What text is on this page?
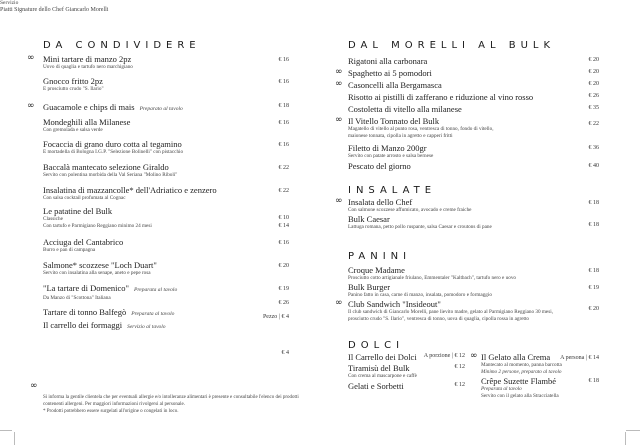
DA CONDIVIDERE
∞ Mini tartare di manzo 2pz
Uovo di quaglia e tartufo nero marchigiano
€ 16
Gnocco fritto 2pz
E prosciutto crudo "S. Ilario"
€ 16
∞ Guacamole e chips di mais Preparato al tavolo	€ 18
Mondeghili alla Milanese
Con gremolada e salsa verde
€ 16
Focaccia di grano duro cotta al tegamino
E mortadella di Bologna I.G.P. "Selezione Bolinelli" con pistacchio
€ 16
Baccalà mantecato selezione Giraldo
Servito con polentina morbida della Val Seriana "Molino Riboli"
€ 22
Insalatina di mazzancolle* dell'Adriatico e zenzero
Con salsa cocktail profumata al Cognac
€ 22
Le patatine del Bulk
Classiche
Con tartufo e Parmigiano Reggiano minimo 24 mesi
€ 10
€ 14
Acciuga del Cantabrico
Burro e pan di campagna
€ 16
Salmone* scozzese "Loch Duart"
Servito con insalatina alla senape, aneto e pepe rosa
€ 20
"La tartare di Domenico" Preparata al tavolo
Da Manzo di "Scottona" Italiana
€ 19
Tartare di tonno Balfegò Preparata al tavolo
€ 26
Il carrello dei formaggi Servizio al tavolo
Pezzo | € 4
€ 4
Servizio
∞
Piatti Signature dello Chef Giancarlo Morelli
Si informa la gentile clientela che per eventuali allergie e/o intolleranze alimentari è presente e consultabile l'elenco dei prodotti contenenti allergeni. Per maggiori informazioni rivolgersi al personale.
* Prodotti potrebbero essere surgelati all'origine o congelati in loco.
DAL MORELLI AL BULK
Rigatoni alla carbonara	€ 20
∞ Spaghetto ai 5 pomodori	€ 20
∞ Casoncelli alla Bergamasca	€ 20
Risotto ai pistilli di zafferano e riduzione al vino rosso	€ 26
Costoletta di vitello alla milanese	€ 35
∞ Il Vitello Tonnato del Bulk
Magatello di vitello al punto rosa, ventresca di tonno, fondo di vitello,
maionese tonnata, cipolla in agretto e capperi fritti
€ 22
Filetto di Manzo 200gr
Servito con patate arrosto e salsa bernese
€ 36
Pescato del giorno	€ 40
INSALATE
∞ Insalata dello Chef
Con salmone scozzese affumicato, avocado e creme fraiche
€ 18
Bulk Caesar
Lattuga romana, petto pollo ruspante, salsa Caesar e croutons di pane	€ 18
PANINI
Croque Madame
Prosciutto cotto artigianale friulano, Emmentaler "Kaltbach", tartufo nero e uovo
€ 18
Bulk Burger
Panino fatto in casa, carne di manzo, insalata, pomodoro e formaggio
€ 19
∞ Club Sandwich "Insideout"
Il club sandwich di Giancarlo Morelli, pane lievito madre, gelato al Parmigiano Reggiano 30 mesi,
prosciutto crudo "S. Ilario", ventresca di tonno, uova di quaglia, cipolla rossa in agretto
€ 20
DOLCI
Il Carrello dei Dolci A porzione | € 12
Tiramisù del Bulk
Con crema al mascarpone e caffè
€ 12
Gelati e Sorbetti	€ 12
∞ Il Gelato alla Crema
Mantecato al momento, panna barcotta
Minimo 2 persone, preparato al tavolo
A persona | € 14
Crêpe Suzette Flambé
Preparata al tavolo
Servito con il gelato alla Stracciatella
€ 18
